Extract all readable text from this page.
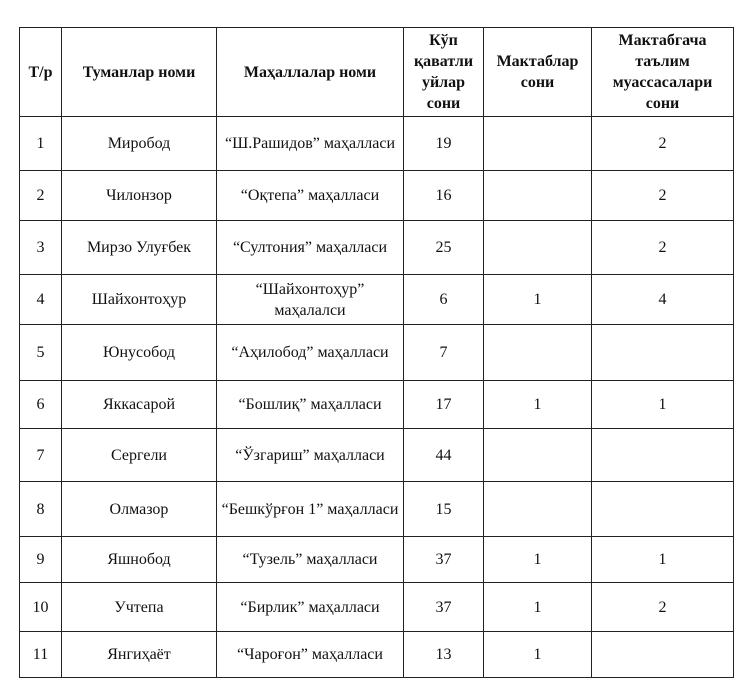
Т/р	Туманлар номи	Маҳаллалар номи	Кўп қаватли уйлар сони	Мактаблар сони	Мактабгача таълим муассасалари сони
1	Миробод	“Ш.Рашидов” маҳалласи	19		2
2	Чилонзор	“Оқтепа” маҳалласи	16		2
3	Мирзо Улуғбек	“Султония” маҳалласи	25		2
4	Шайхонтоҳур	“Шайхонтоҳур” маҳалалси	6	1	4
5	Юнусобод	“Аҳилобод” маҳалласи	7		
6	Яккасарой	“Бошлиқ” маҳалласи	17	1	1
7	Сергели	“Ўзгариш” маҳалласи	44		
8	Олмазор	“Бешкўрғон 1” маҳалласи	15		
9	Яшнобод	“Тузель” маҳалласи	37	1	1
10	Учтепа	“Бирлик” маҳалласи	37	1	2
11	Янгиҳаёт	“Чароғон” маҳалласи	13	1	
